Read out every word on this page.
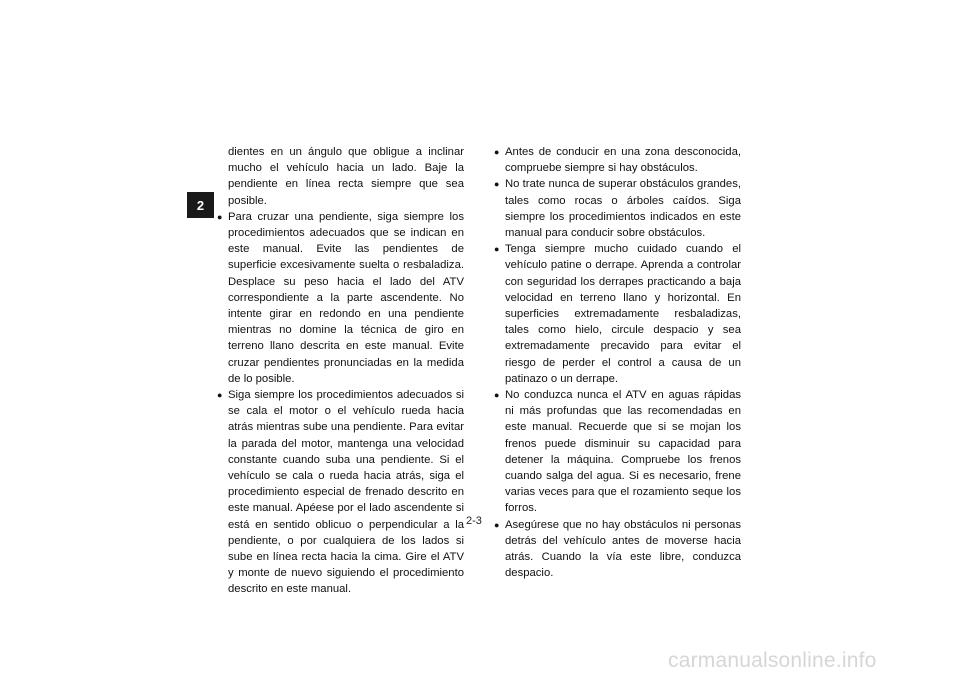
2

dientes en un ángulo que obligue a inclinar mucho el vehículo hacia un lado. Baje la pendiente en línea recta siempre que sea posible.

● Para cruzar una pendiente, siga siempre los procedimientos adecuados que se indican en este manual. Evite las pendientes de superficie excesivamente suelta o resbaladiza. Desplace su peso hacia el lado del ATV correspondiente a la parte ascendente. No intente girar en redondo en una pendiente mientras no domine la técnica de giro en terreno llano descrita en este manual. Evite cruzar pendientes pronunciadas en la medida de lo posible.
● Siga siempre los procedimientos adecuados si se cala el motor o el vehículo rueda hacia atrás mientras sube una pendiente. Para evitar la parada del motor, mantenga una velocidad constante cuando suba una pendiente. Si el vehículo se cala o rueda hacia atrás, siga el procedimiento especial de frenado descrito en este manual. Apéese por el lado ascendente si está en sentido oblicuo o perpendicular a la pendiente, o por cualquiera de los lados si sube en línea recta hacia la cima. Gire el ATV y monte de nuevo siguiendo el procedimiento descrito en este manual.
● Antes de conducir en una zona desconocida, compruebe siempre si hay obstáculos.
● No trate nunca de superar obstáculos grandes, tales como rocas o árboles caídos. Siga siempre los procedimientos indicados en este manual para conducir sobre obstáculos.
● Tenga siempre mucho cuidado cuando el vehículo patine o derrape. Aprenda a controlar con seguridad los derrapes practicando a baja velocidad en terreno llano y horizontal. En superficies extremadamente resbaladizas, tales como hielo, circule despacio y sea extremadamente precavido para evitar el riesgo de perder el control a causa de un patinazo o un derrape.
● No conduzca nunca el ATV en aguas rápidas ni más profundas que las recomendadas en este manual. Recuerde que si se mojan los frenos puede disminuir su capacidad para detener la máquina. Compruebe los frenos cuando salga del agua. Si es necesario, frene varias veces para que el rozamiento seque los forros.
● Asegúrese que no hay obstáculos ni personas detrás del vehículo antes de moverse hacia atrás. Cuando la vía este libre, conduzca despacio.
2-3
carmanualsonline.info
